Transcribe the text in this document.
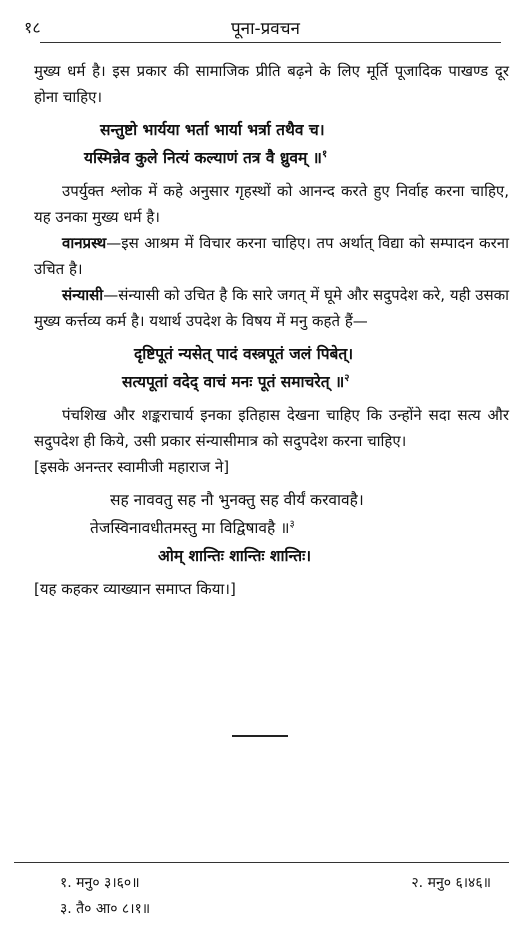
१८	पूना-प्रवचन

मुख्य धर्म है। इस प्रकार की सामाजिक प्रीति बढ़ने के लिए मूर्ति पूजादिक पाखण्ड दूर होना चाहिए।

सन्तुष्टो भार्यया भर्ता भार्या भर्त्रा तथैव च।
यस्मिन्नेव कुले नित्यं कल्याणं तत्र वै ध्रुवम् ॥$^१$

उपर्युक्त श्लोक में कहे अनुसार गृहस्थों को आनन्द करते हुए निर्वाह करना चाहिए, यह उनका मुख्य धर्म है।

वानप्रस्थ—इस आश्रम में विचार करना चाहिए। तप अर्थात् विद्या को सम्पादन करना उचित है।

संन्यासी—संन्यासी को उचित है कि सारे जगत् में घूमे और सदुपदेश करे, यही उसका मुख्य कर्त्तव्य कर्म है। यथार्थ उपदेश के विषय में मनु कहते हैं—

दृष्टिपूतं न्यसेत् पादं वस्त्रपूतं जलं पिबेत्।
सत्यपूतां वदेद् वाचं मनः पूतं समाचरेत् ॥$^२$

पंचशिख और शङ्कराचार्य इनका इतिहास देखना चाहिए कि उन्होंने सदा सत्य और सदुपदेश ही किये, उसी प्रकार संन्यासीमात्र को सदुपदेश करना चाहिए।

[इसके अनन्तर स्वामीजी महाराज ने]

सह नाववतु सह नौ भुनक्तु सह वीर्यं करवावहै।
तेजस्विनावधीतमस्तु मा विद्विषावहै ॥$^३$
ओम् शान्तिः शान्तिः शान्तिः।

[यह कहकर व्याख्यान समाप्त किया।]

१. मनु० ३।६०॥	२. मनु० ६।४६॥
३. तै० आ० ८।१॥
